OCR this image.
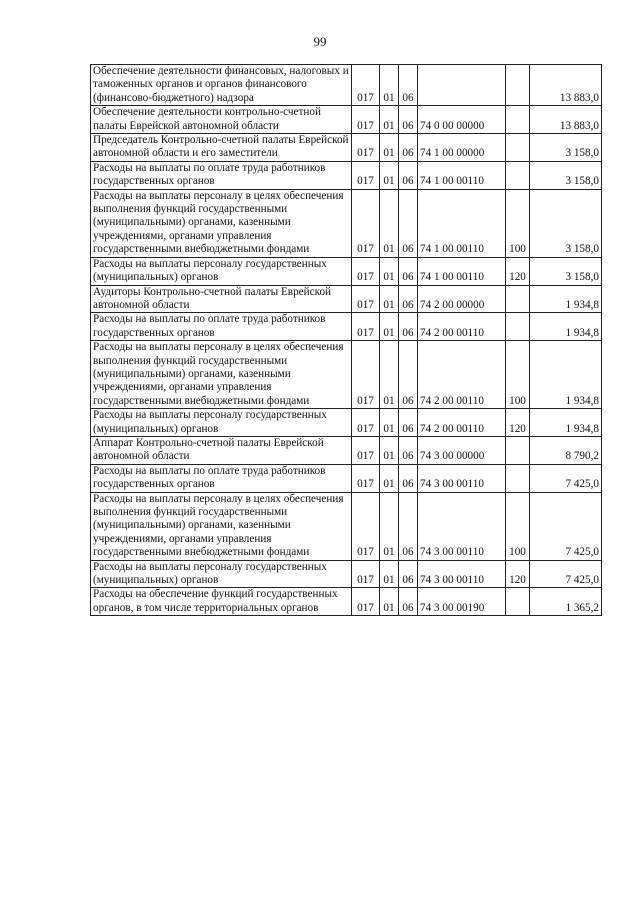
99
Обеспечение деятельности финансовых, налоговых и таможенных органов и органов финансового (финансово-бюджетного) надзора	017	01	06			13 883,0
Обеспечение деятельности контрольно-счетной палаты Еврейской автономной области	017	01	06	74 0 00 00000		13 883,0
Председатель Контрольно-счетной палаты Еврейской автономной области и его заместители	017	01	06	74 1 00 00000		3 158,0
Расходы на выплаты по оплате труда работников государственных органов	017	01	06	74 1 00 00110		3 158,0
Расходы на выплаты персоналу в целях обеспечения выполнения функций государственными (муниципальными) органами, казенными учреждениями, органами управления государственными внебюджетными фондами	017	01	06	74 1 00 00110	100	3 158,0
Расходы на выплаты персоналу государственных (муниципальных) органов	017	01	06	74 1 00 00110	120	3 158,0
Аудиторы Контрольно-счетной палаты Еврейской автономной области	017	01	06	74 2 00 00000		1 934,8
Расходы на выплаты по оплате труда работников государственных органов	017	01	06	74 2 00 00110		1 934,8
Расходы на выплаты персоналу в целях обеспечения выполнения функций государственными (муниципальными) органами, казенными учреждениями, органами управления государственными внебюджетными фондами	017	01	06	74 2 00 00110	100	1 934,8
Расходы на выплаты персоналу государственных (муниципальных) органов	017	01	06	74 2 00 00110	120	1 934,8
Аппарат Контрольно-счетной палаты Еврейской автономной области	017	01	06	74 3 00 00000		8 790,2
Расходы на выплаты по оплате труда работников государственных органов	017	01	06	74 3 00 00110		7 425,0
Расходы на выплаты персоналу в целях обеспечения выполнения функций государственными (муниципальными) органами, казенными учреждениями, органами управления государственными внебюджетными фондами	017	01	06	74 3 00 00110	100	7 425,0
Расходы на выплаты персоналу государственных (муниципальных) органов	017	01	06	74 3 00 00110	120	7 425,0
Расходы на обеспечение функций государственных органов, в том числе территориальных органов	017	01	06	74 3 00 00190		1 365,2
